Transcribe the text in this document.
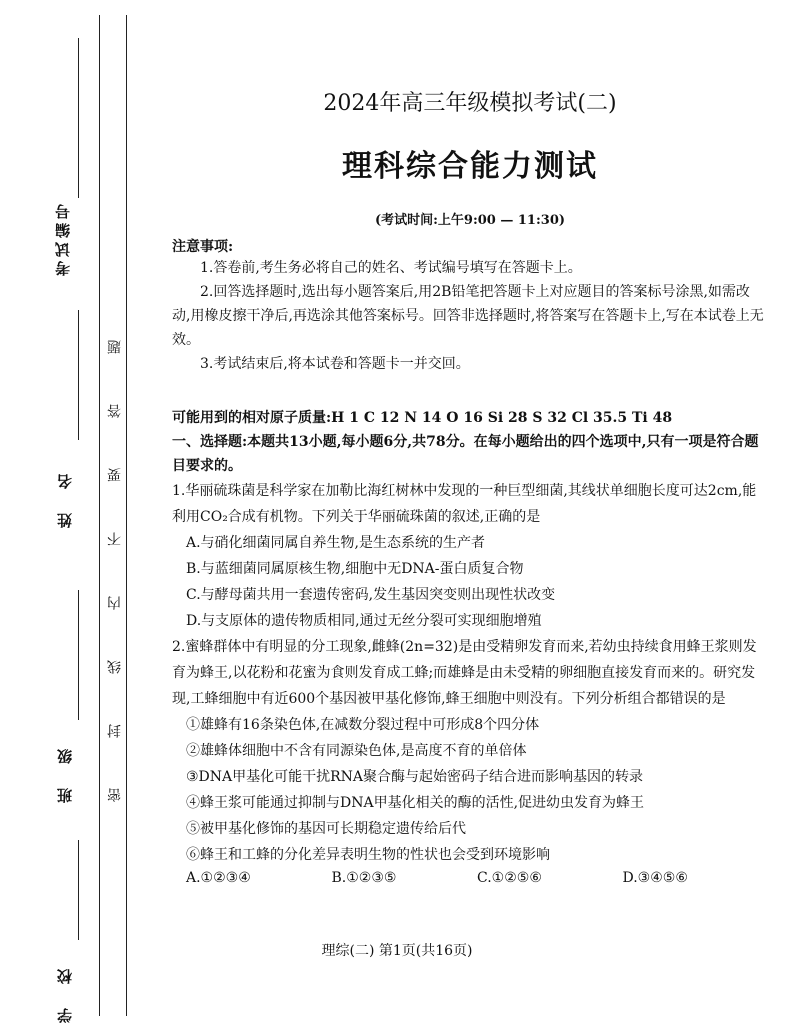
考试编号
姓名
班级
学校
密封线内不要答题
2024年高三年级模拟考试(二)
理科综合能力测试
(考试时间:上午9:00 — 11:30)
注意事项:
1.答卷前,考生务必将自己的姓名、考试编号填写在答题卡上。
2.回答选择题时,选出每小题答案后,用2B铅笔把答题卡上对应题目的答案标号涂黑,如需改动,用橡皮擦干净后,再选涂其他答案标号。回答非选择题时,将答案写在答题卡上,写在本试卷上无效。
3.考试结束后,将本试卷和答题卡一并交回。
可能用到的相对原子质量:H 1 C 12 N 14 O 16 Si 28 S 32 Cl 35.5 Ti 48
一、选择题:本题共13小题,每小题6分,共78分。在每小题给出的四个选项中,只有一项是符合题目要求的。
1.华丽硫珠菌是科学家在加勒比海红树林中发现的一种巨型细菌,其线状单细胞长度可达2cm,能利用CO₂合成有机物。下列关于华丽硫珠菌的叙述,正确的是
A.与硝化细菌同属自养生物,是生态系统的生产者
B.与蓝细菌同属原核生物,细胞中无DNA-蛋白质复合物
C.与酵母菌共用一套遗传密码,发生基因突变则出现性状改变
D.与支原体的遗传物质相同,通过无丝分裂可实现细胞增殖
2.蜜蜂群体中有明显的分工现象,雌蜂(2n=32)是由受精卵发育而来,若幼虫持续食用蜂王浆则发育为蜂王,以花粉和花蜜为食则发育成工蜂;而雄蜂是由未受精的卵细胞直接发育而来的。研究发现,工蜂细胞中有近600个基因被甲基化修饰,蜂王细胞中则没有。下列分析组合都错误的是
①雄蜂有16条染色体,在减数分裂过程中可形成8个四分体
②雄蜂体细胞中不含有同源染色体,是高度不育的单倍体
③DNA甲基化可能干扰RNA聚合酶与起始密码子结合进而影响基因的转录
④蜂王浆可能通过抑制与DNA甲基化相关的酶的活性,促进幼虫发育为蜂王
⑤被甲基化修饰的基因可长期稳定遗传给后代
⑥蜂王和工蜂的分化差异表明生物的性状也会受到环境影响
A.①②③④	B.①②③⑤	C.①②⑤⑥	D.③④⑤⑥
理综(二) 第1页(共16页)
